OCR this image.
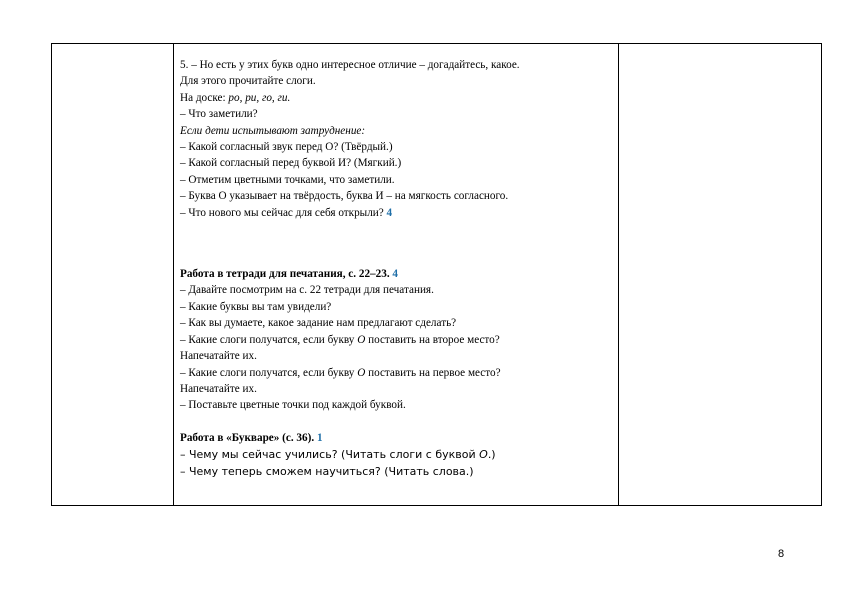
5. – Но есть у этих букв одно интересное отличие – догадайтесь, какое.
Для этого прочитайте слоги.
На доске: ро, ри, го, ги.
– Что заметили?
Если дети испытывают затруднение:
– Какой согласный звук перед О? (Твёрдый.)
– Какой согласный перед буквой И? (Мягкий.)
– Отметим цветными точками, что заметили.
– Буква О указывает на твёрдость, буква И – на мягкость согласного.
– Что нового мы сейчас для себя открыли? 4
Работа в тетради для печатания, с. 22–23. 4
– Давайте посмотрим на с. 22 тетради для печатания.
– Какие буквы вы там увидели?
– Как вы думаете, какое задание нам предлагают сделать?
– Какие слоги получатся, если букву О поставить на второе место?
Напечатайте их.
– Какие слоги получатся, если букву О поставить на первое место?
Напечатайте их.
– Поставьте цветные точки под каждой буквой.
Работа в «Букваре» (с. 36). 1
– Чему мы сейчас учились? (Читать слоги с буквой О.)
– Чему теперь сможем научиться? (Читать слова.)
8
